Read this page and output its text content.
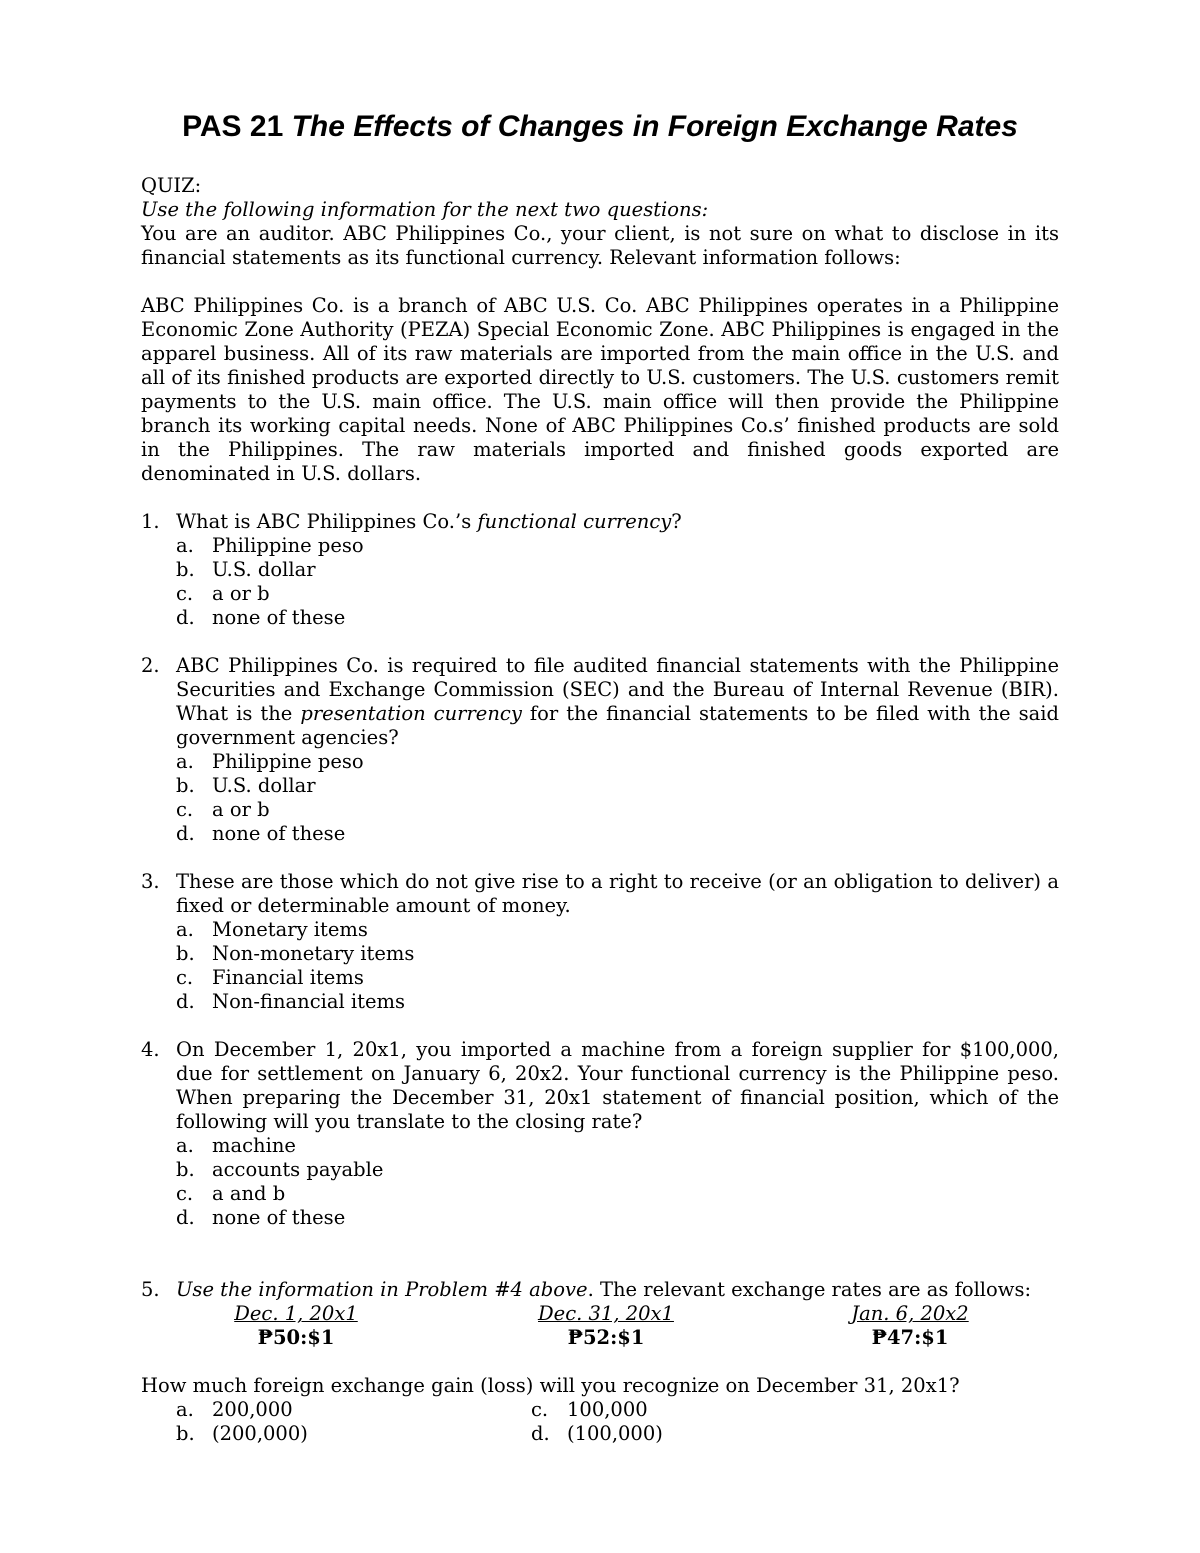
PAS 21 The Effects of Changes in Foreign Exchange Rates

QUIZ:

Use the following information for the next two questions:

You are an auditor. ABC Philippines Co., your client, is not sure on what to disclose in its financial statements as its functional currency. Relevant information follows:

ABC Philippines Co. is a branch of ABC U.S. Co. ABC Philippines operates in a Philippine Economic Zone Authority (PEZA) Special Economic Zone. ABC Philippines is engaged in the apparel business. All of its raw materials are imported from the main office in the U.S. and all of its finished products are exported directly to U.S. customers. The U.S. customers remit payments to the U.S. main office. The U.S. main office will then provide the Philippine branch its working capital needs. None of ABC Philippines Co.s’ finished products are sold in the Philippines. The raw materials imported and finished goods exported are denominated in U.S. dollars.

1. What is ABC Philippines Co.’s functional currency?
a. Philippine peso
b. U.S. dollar
c. a or b
d. none of these
2. ABC Philippines Co. is required to file audited financial statements with the Philippine Securities and Exchange Commission (SEC) and the Bureau of Internal Revenue (BIR). What is the presentation currency for the financial statements to be filed with the said government agencies?
a. Philippine peso
b. U.S. dollar
c. a or b
d. none of these
3. These are those which do not give rise to a right to receive (or an obligation to deliver) a fixed or determinable amount of money.
a. Monetary items
b. Non-monetary items
c. Financial items
d. Non-financial items
4. On December 1, 20x1, you imported a machine from a foreign supplier for $100,000, due for settlement on January 6, 20x2. Your functional currency is the Philippine peso. When preparing the December 31, 20x1 statement of financial position, which of the following will you translate to the closing rate?
a. machine
b. accounts payable
c. a and b
d. none of these
5. Use the information in Problem #4 above. The relevant exchange rates are as follows:
Dec. 1, 20x1
₱50:$1
Dec. 31, 20x1
₱52:$1
Jan. 6, 20x2
₱47:$1

How much foreign exchange gain (loss) will you recognize on December 31, 20x1?

a. 200,000	c. 100,000
b. (200,000)	d. (100,000)
